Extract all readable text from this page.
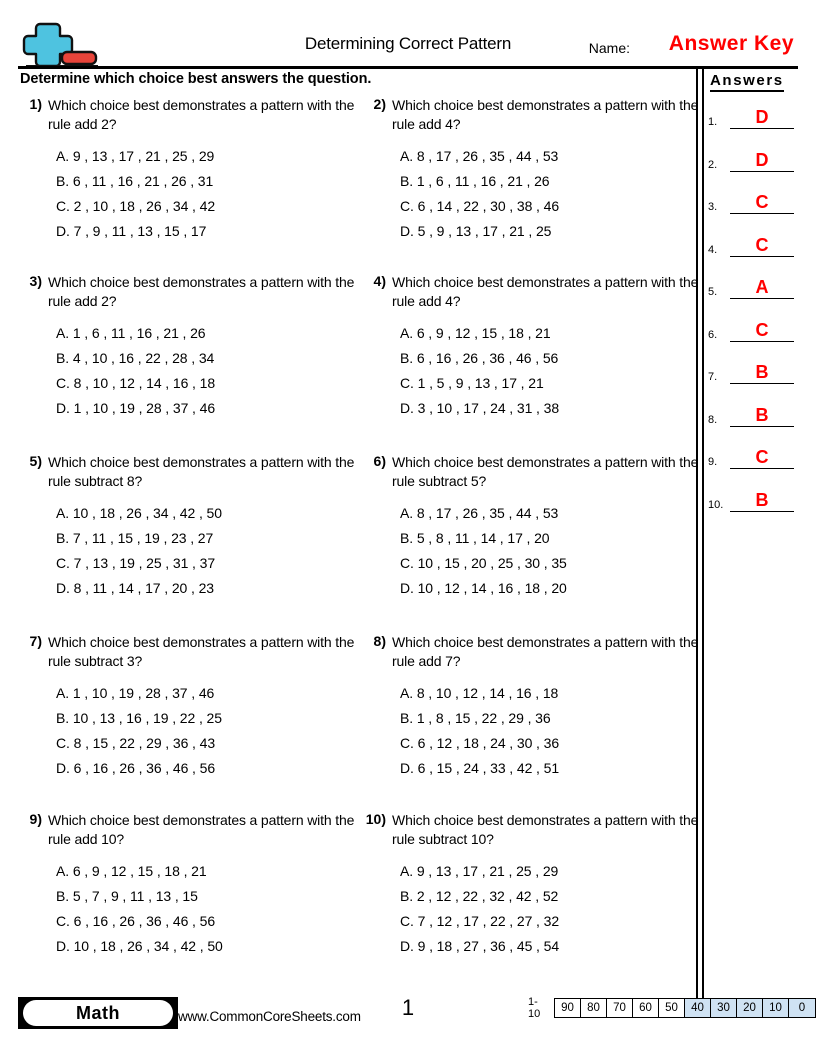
Determining Correct Pattern	Name: Answer Key
Determine which choice best answers the question.	Answers
1.	D
2.	D
3.	C
4.	C
5.	A
6.	C
7.	B
8.	B
9.	C
10.	B
1) Which choice best demonstrates a pattern with the rule add 2?
A. 9 , 13 , 17 , 21 , 25 , 29
B. 6 , 11 , 16 , 21 , 26 , 31
C. 2 , 10 , 18 , 26 , 34 , 42
D. 7 , 9 , 11 , 13 , 15 , 17
2) Which choice best demonstrates a pattern with the rule add 4?
A. 8 , 17 , 26 , 35 , 44 , 53
B. 1 , 6 , 11 , 16 , 21 , 26
C. 6 , 14 , 22 , 30 , 38 , 46
D. 5 , 9 , 13 , 17 , 21 , 25
3) Which choice best demonstrates a pattern with the rule add 2?
A. 1 , 6 , 11 , 16 , 21 , 26
B. 4 , 10 , 16 , 22 , 28 , 34
C. 8 , 10 , 12 , 14 , 16 , 18
D. 1 , 10 , 19 , 28 , 37 , 46
4) Which choice best demonstrates a pattern with the rule add 4?
A. 6 , 9 , 12 , 15 , 18 , 21
B. 6 , 16 , 26 , 36 , 46 , 56
C. 1 , 5 , 9 , 13 , 17 , 21
D. 3 , 10 , 17 , 24 , 31 , 38
5) Which choice best demonstrates a pattern with the rule subtract 8?
A. 10 , 18 , 26 , 34 , 42 , 50
B. 7 , 11 , 15 , 19 , 23 , 27
C. 7 , 13 , 19 , 25 , 31 , 37
D. 8 , 11 , 14 , 17 , 20 , 23
6) Which choice best demonstrates a pattern with the rule subtract 5?
A. 8 , 17 , 26 , 35 , 44 , 53
B. 5 , 8 , 11 , 14 , 17 , 20
C. 10 , 15 , 20 , 25 , 30 , 35
D. 10 , 12 , 14 , 16 , 18 , 20
7) Which choice best demonstrates a pattern with the rule subtract 3?
A. 1 , 10 , 19 , 28 , 37 , 46
B. 10 , 13 , 16 , 19 , 22 , 25
C. 8 , 15 , 22 , 29 , 36 , 43
D. 6 , 16 , 26 , 36 , 46 , 56
8) Which choice best demonstrates a pattern with the rule add 7?
A. 8 , 10 , 12 , 14 , 16 , 18
B. 1 , 8 , 15 , 22 , 29 , 36
C. 6 , 12 , 18 , 24 , 30 , 36
D. 6 , 15 , 24 , 33 , 42 , 51
9) Which choice best demonstrates a pattern with the rule add 10?
A. 6 , 9 , 12 , 15 , 18 , 21
B. 5 , 7 , 9 , 11 , 13 , 15
C. 6 , 16 , 26 , 36 , 46 , 56
D. 10 , 18 , 26 , 34 , 42 , 50
10) Which choice best demonstrates a pattern with the rule subtract 10?
A. 9 , 13 , 17 , 21 , 25 , 29
B. 2 , 12 , 22 , 32 , 42 , 52
C. 7 , 12 , 17 , 22 , 27 , 32
D. 9 , 18 , 27 , 36 , 45 , 54
Math	www.CommonCoreSheets.com	1	1-10	90	80	70	60	50	40	30	20	10	0
